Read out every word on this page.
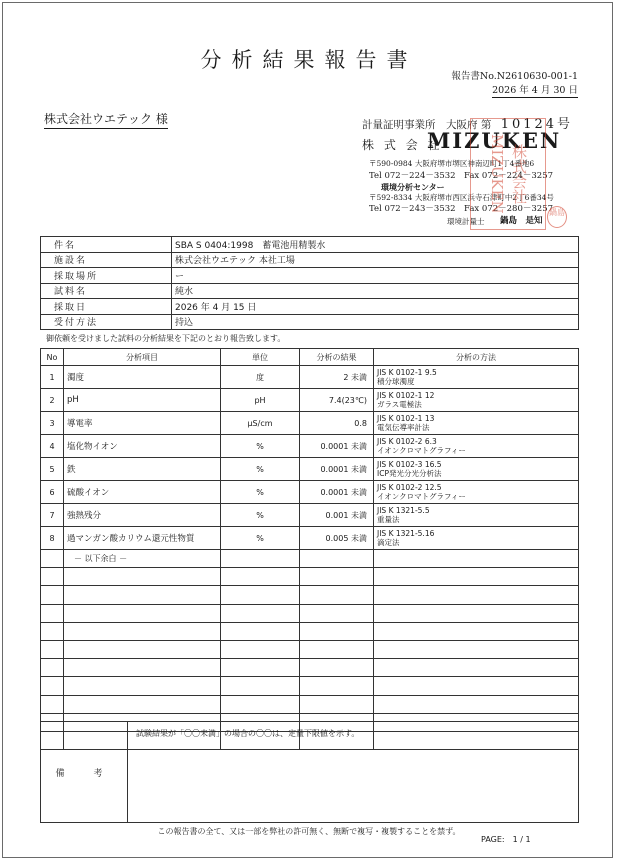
分析結果報告書
報告書No.N2610630-001-1
2026 年 4 月 30 日
株式会社ウエテック 様	計量証明事業所　大阪府 第 10124号
株 式 会 社
MIZUKEN
〒590-0984 大阪府堺市堺区神南辺町1丁4番地6
Tel 072－224－3532　Fax 072－224－3257
環境分析センター
〒592-8334 大阪府堺市西区浜寺石津町中2丁6番34号
Tel 072－243－3532　Fax 072－280－3257
環境計量士 鍋島　是知
株式会社MIZUKEN	鍋島
件名	SBA S 0404:1998　蓄電池用精製水

施設名	株式会社ウエテック 本社工場

採取場所	ー

試料名	純水

採取日	2026 年 4 月 15 日

受付方法	持込
御依頼を受けました試料の分析結果を下記のとおり報告致します。
No	分析項目	単位	分析の結果	分析の方法
1	濁度	度	2 未満	JIS K 0102-1 9.5
積分球濁度

2	pH	pH	7.4(23℃)	JIS K 0102-1 12
ガラス電極法

3	導電率	μS/cm	0.8	JIS K 0102-1 13
電気伝導率計法

4	塩化物イオン	%	0.0001 未満	JIS K 0102-2 6.3
イオンクロマトグラフィー

5	鉄	%	0.0001 未満	JIS K 0102-3 16.5
ICP発光分光分析法

6	硫酸イオン	%	0.0001 未満	JIS K 0102-2 12.5
イオンクロマトグラフィー

7	強熱残分	%	0.001 未満	JIS K 1321-5.5
重量法

8	過マンガン酸カリウム還元性物質	%	0.005 未満	JIS K 1321-5.16
滴定法

	－ 以下余白 －			

備　考	試験結果が「〇〇未満」の場合の〇〇は、定量下限値を示す。
この報告書の全て、又は一部を弊社の許可無く、無断で複写・複製することを禁ず。
PAGE:　1 / 1
